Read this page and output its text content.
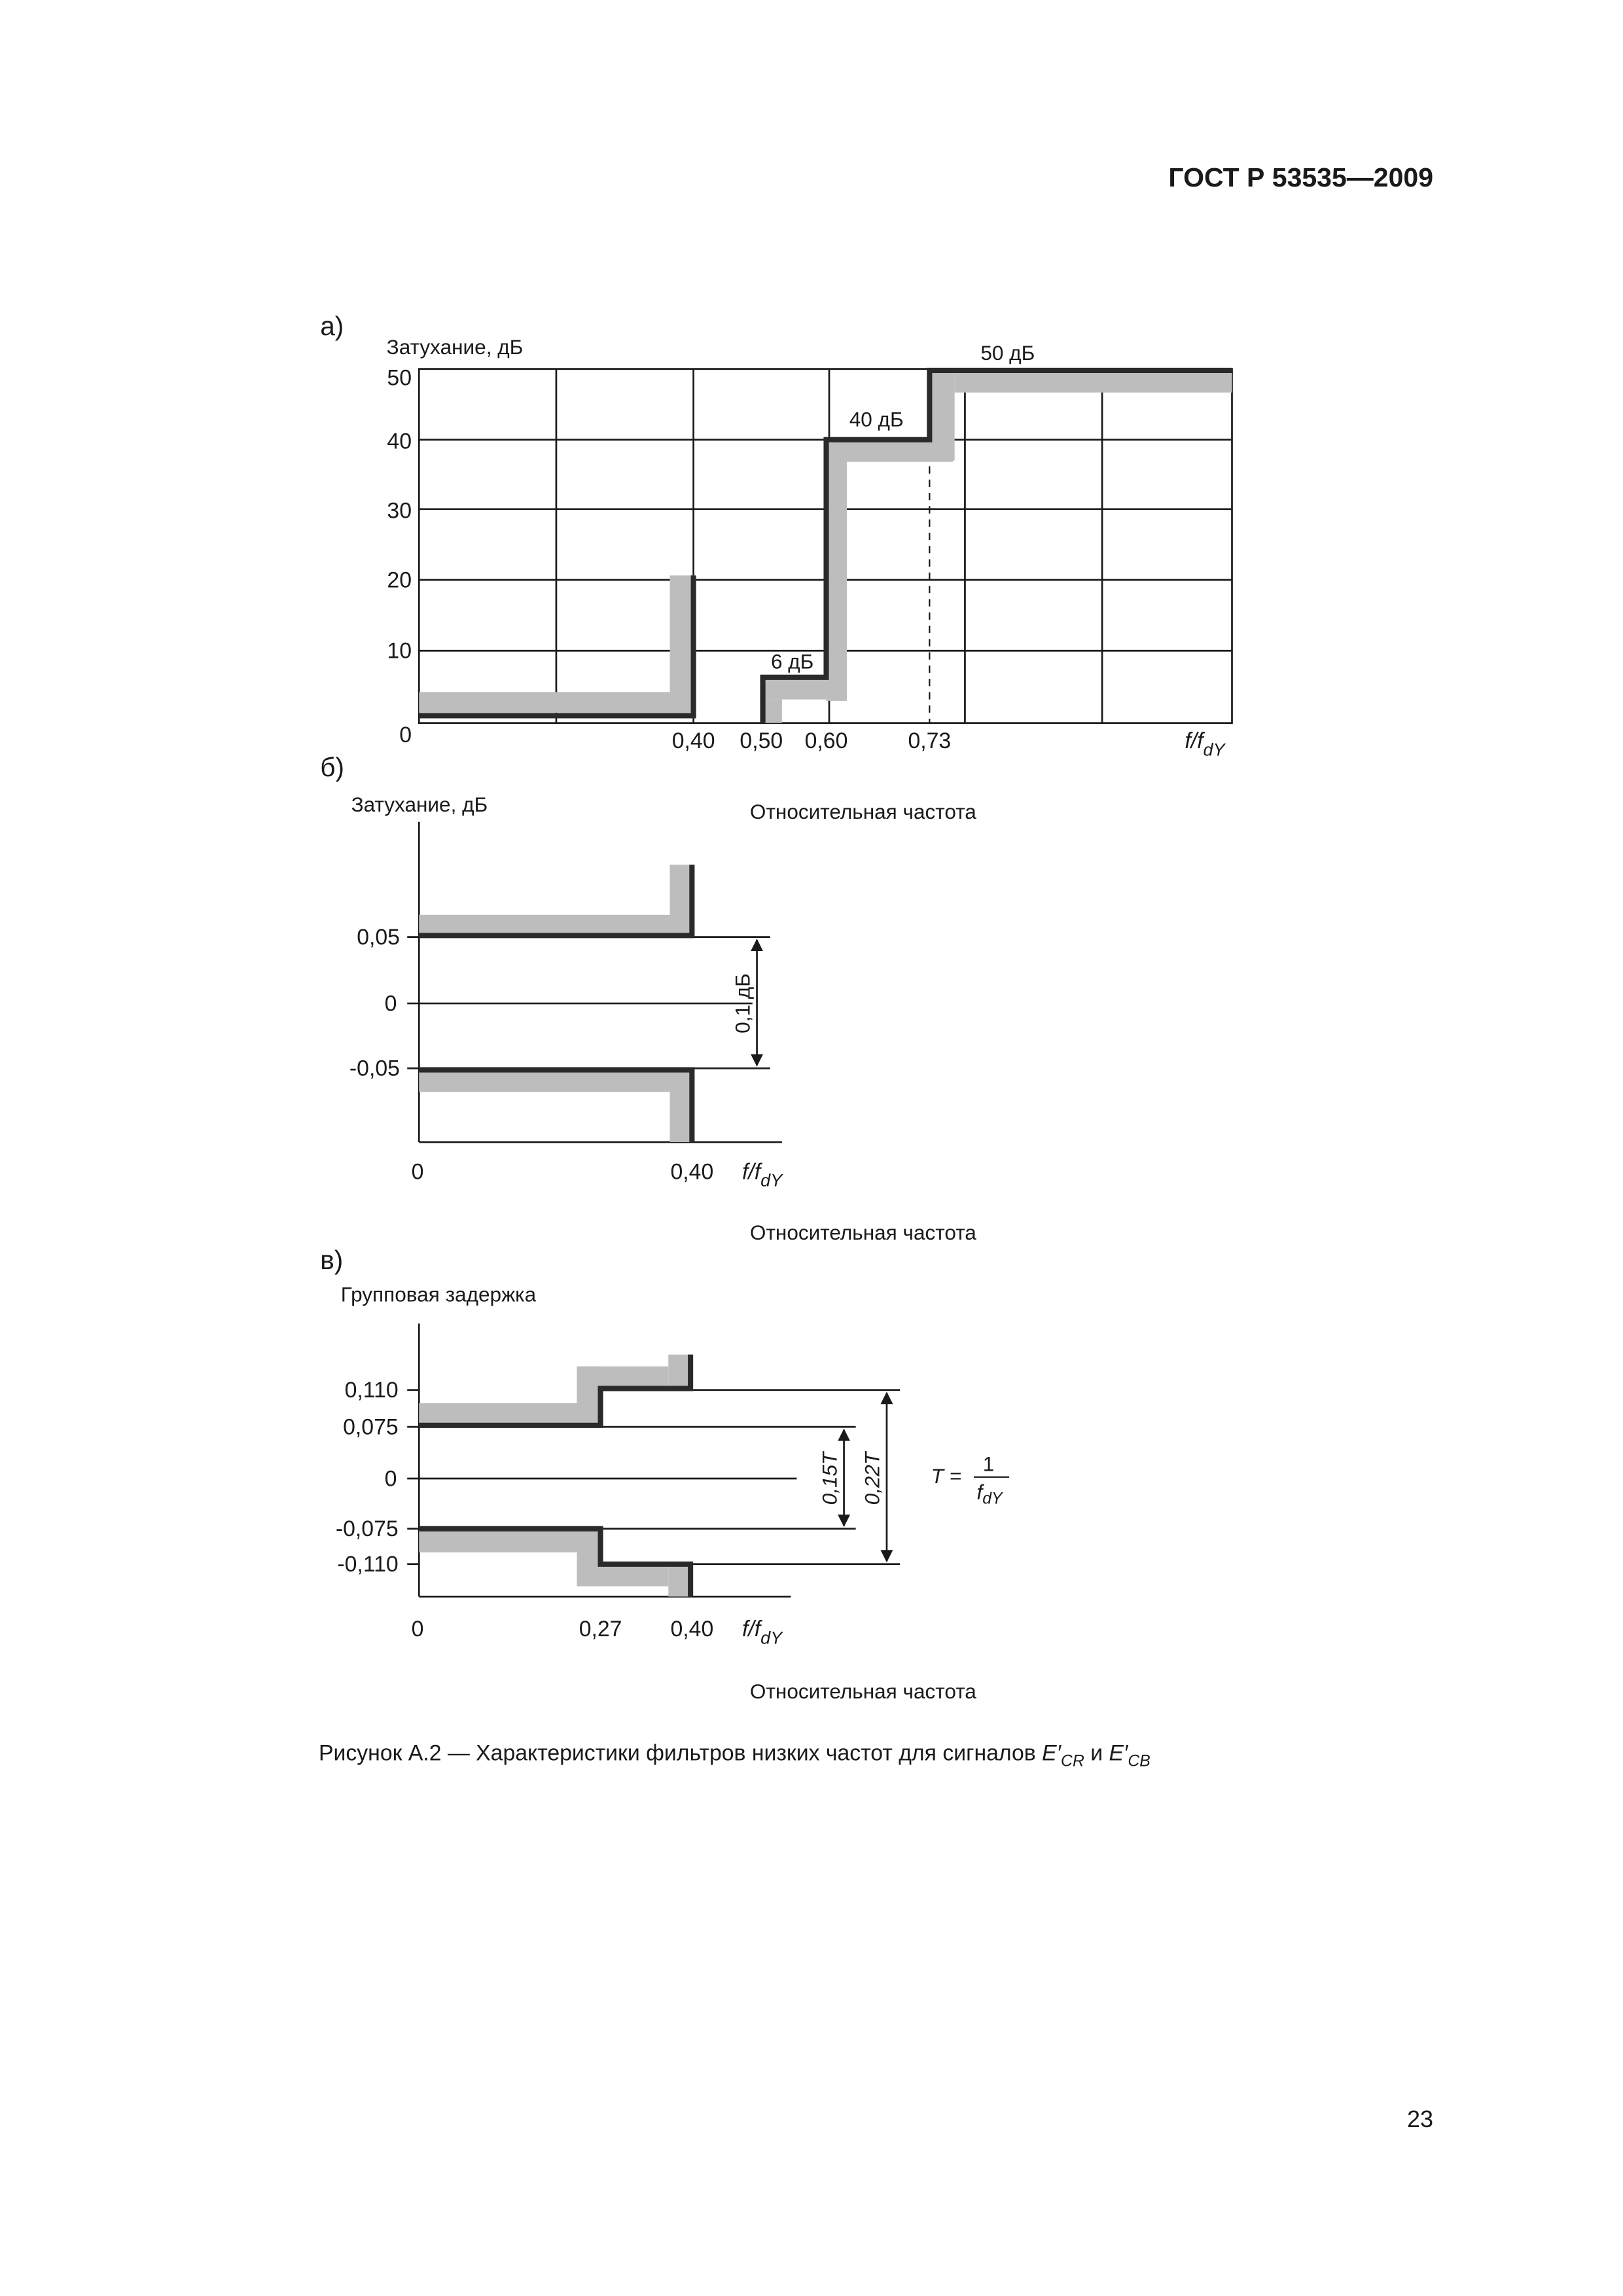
ГОСТ Р 53535—2009
а)
Затухание, дБ
50
40
30
20
10
0	0,40	0,50 0,60	0,73	$f/f_{dY}$
50 дБ
40 дБ
6 дБ
б)
Затухание, дБ	Относительная частота
0,1 дБ
0,05
0
-0,05
0	0,40	$f/f_{dY}$
Относительная частота
в)
Групповая задержка
0,15T 0,22T	T =
1
$f_{dY}$
0,110
0,075
0
-0,075
-0,110
0	0,27	0,40	$f/f_{dY}$
Относительная частота
Рисунок А.2 — Характеристики фильтров низких частот для сигналов $E'_{CR}$ и $E'_{CB}$
23
